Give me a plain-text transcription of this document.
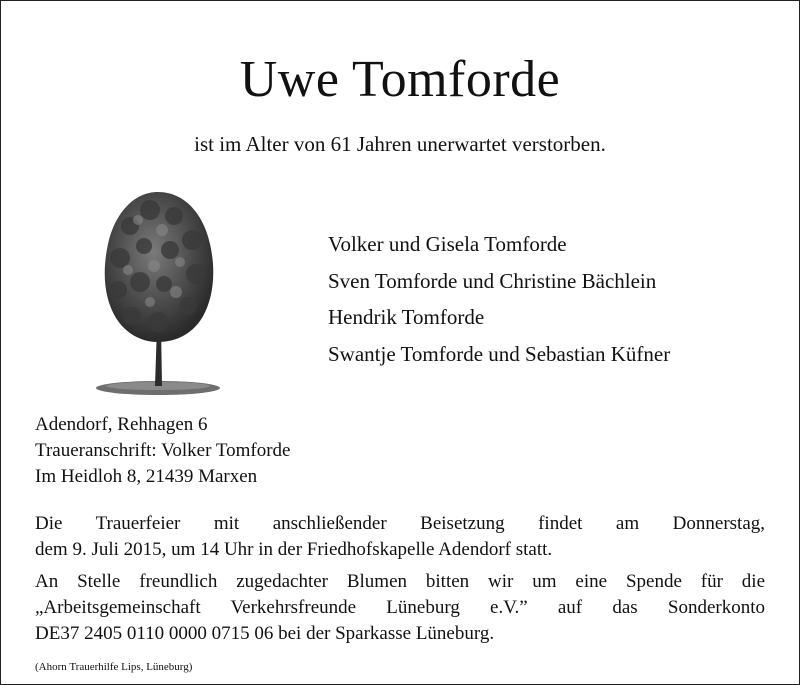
Uwe Tomforde
ist im Alter von 61 Jahren unerwartet verstorben.
Volker und Gisela Tomforde
Sven Tomforde und Christine Bächlein
Hendrik Tomforde
Swantje Tomforde und Sebastian Küfner
Adendorf, Rehhagen 6
Traueranschrift: Volker Tomforde
Im Heidloh 8, 21439 Marxen
Die Trauerfeier mit anschließender Beisetzung findet am Donnerstag,
dem 9. Juli 2015, um 14 Uhr in der Friedhofskapelle Adendorf statt.
An Stelle freundlich zugedachter Blumen bitten wir um eine Spende für die
„Arbeitsgemeinschaft Verkehrsfreunde Lüneburg e.V.” auf das Sonderkonto
DE37 2405 0110 0000 0715 06 bei der Sparkasse Lüneburg.
(Ahorn Trauerhilfe Lips, Lüneburg)
